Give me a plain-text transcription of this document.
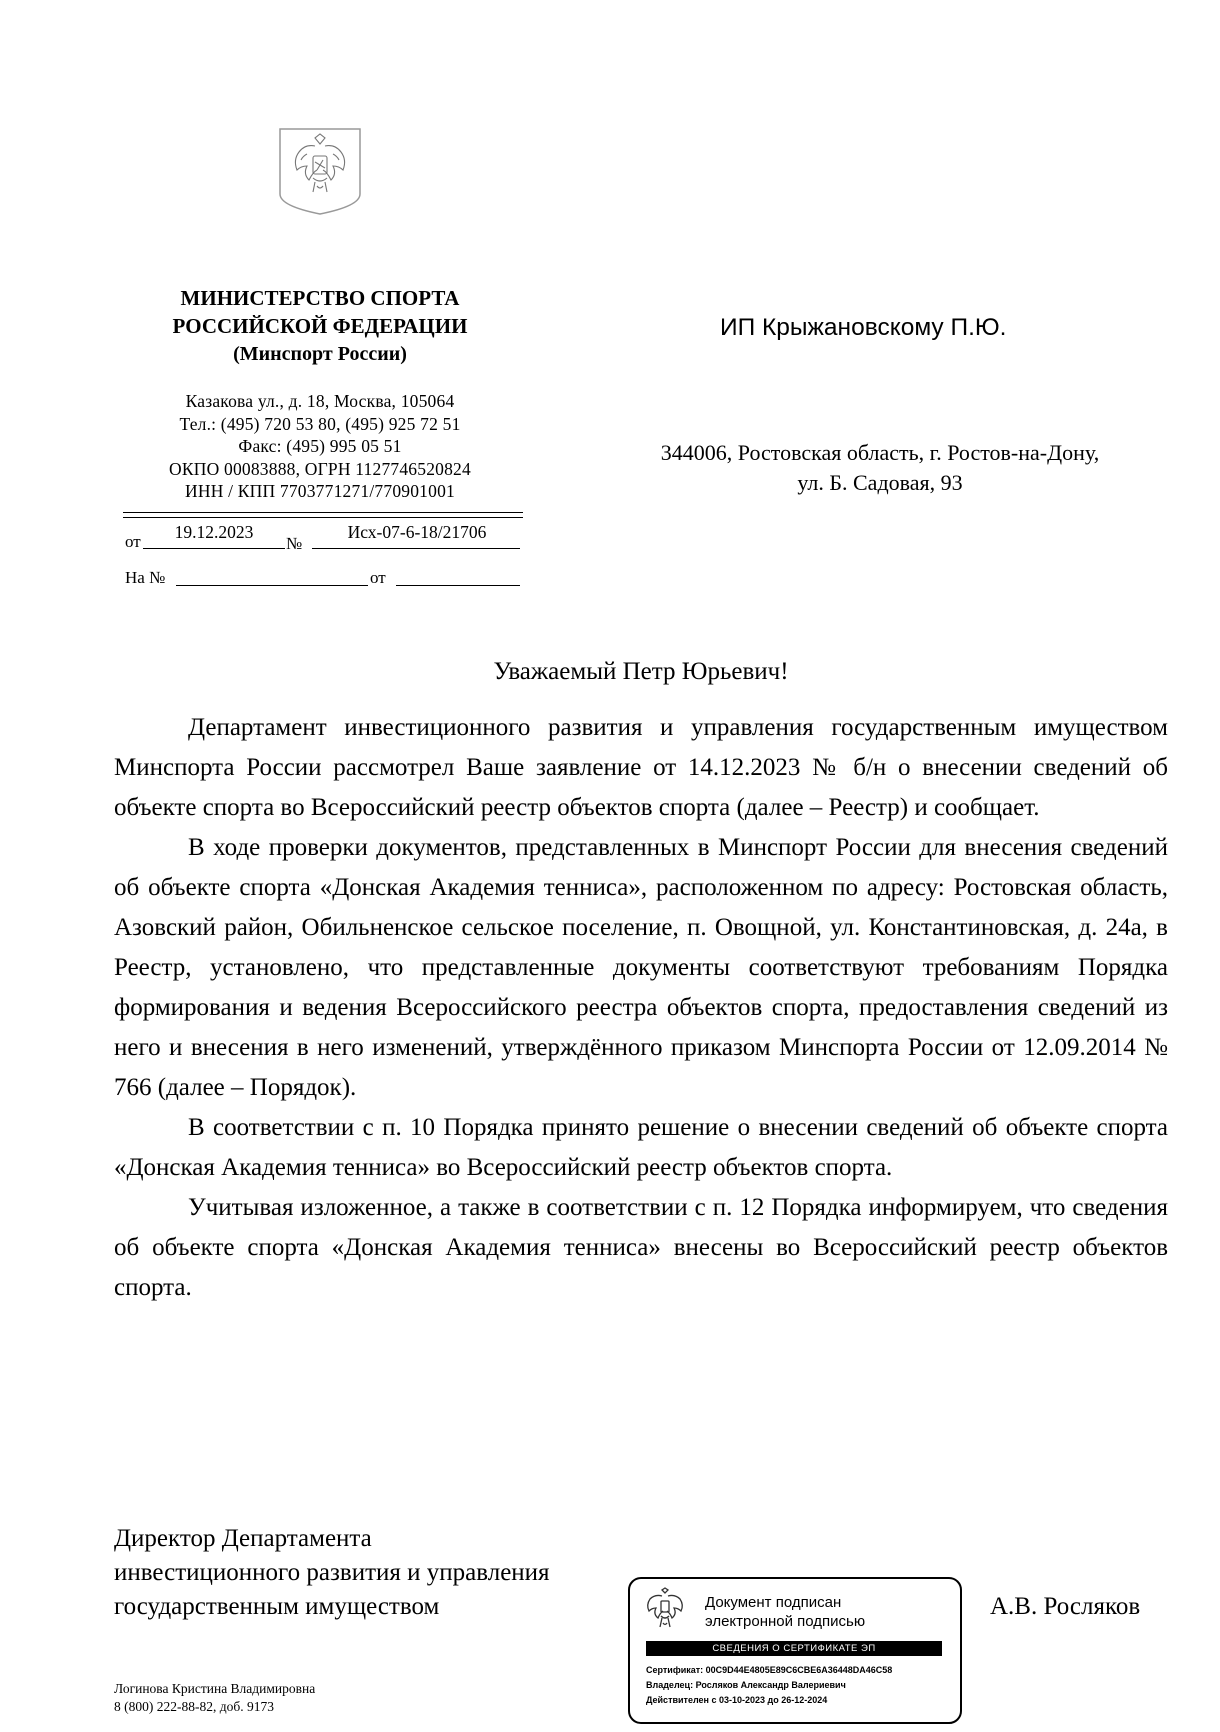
МИНИСТЕРСТВО СПОРТА
РОССИЙСКОЙ ФЕДЕРАЦИИ
(Минспорт России)
Казакова ул., д. 18, Москва, 105064
Тел.: (495) 720 53 80, (495) 925 72 51
Факс: (495) 995 05 51
ОКПО 00083888, ОГРН 1127746520824
ИНН / КПП 7703771271/770901001
от	19.12.2023
№
Исх-07-6-18/21706
На №	от
ИП Крыжановскому П.Ю.
344006, Ростовская область, г. Ростов-на-Дону,
ул. Б. Садовая, 93
Уважаемый Петр Юрьевич!

Департамент инвестиционного развития и управления государственным имуществом Минспорта России рассмотрел Ваше заявление от 14.12.2023 № б/н о внесении сведений об объекте спорта во Всероссийский реестр объектов спорта (далее – Реестр) и сообщает.

В ходе проверки документов, представленных в Минспорт России для внесения сведений об объекте спорта «Донская Академия тенниса», расположенном по адресу: Ростовская область, Азовский район, Обильненское сельское поселение, п. Овощной, ул. Константиновская, д. 24а, в Реестр, установлено, что представленные документы соответствуют требованиям Порядка формирования и ведения Всероссийского реестра объектов спорта, предоставления сведений из него и внесения в него изменений, утверждённого приказом Минспорта России от 12.09.2014 № 766 (далее – Порядок).

В соответствии с п. 10 Порядка принято решение о внесении сведений об объекте спорта «Донская Академия тенниса» во Всероссийский реестр объектов спорта.

Учитывая изложенное, а также в соответствии с п. 12 Порядка информируем, что сведения об объекте спорта «Донская Академия тенниса» внесены во Всероссийский реестр объектов спорта.

Директор Департамента
инвестиционного развития и управления
государственным имуществом	А.В. Росляков
Документ подписан
электронной подписью
СВЕДЕНИЯ О СЕРТИФИКАТЕ ЭП
Сертификат: 00C9D44E4805E89C6CBE6A36448DA46C58
Владелец: Росляков Александр Валериевич
Действителен с 03-10-2023 до 26-12-2024
Логинова Кристина Владимировна
8 (800) 222-88-82, доб. 9173
